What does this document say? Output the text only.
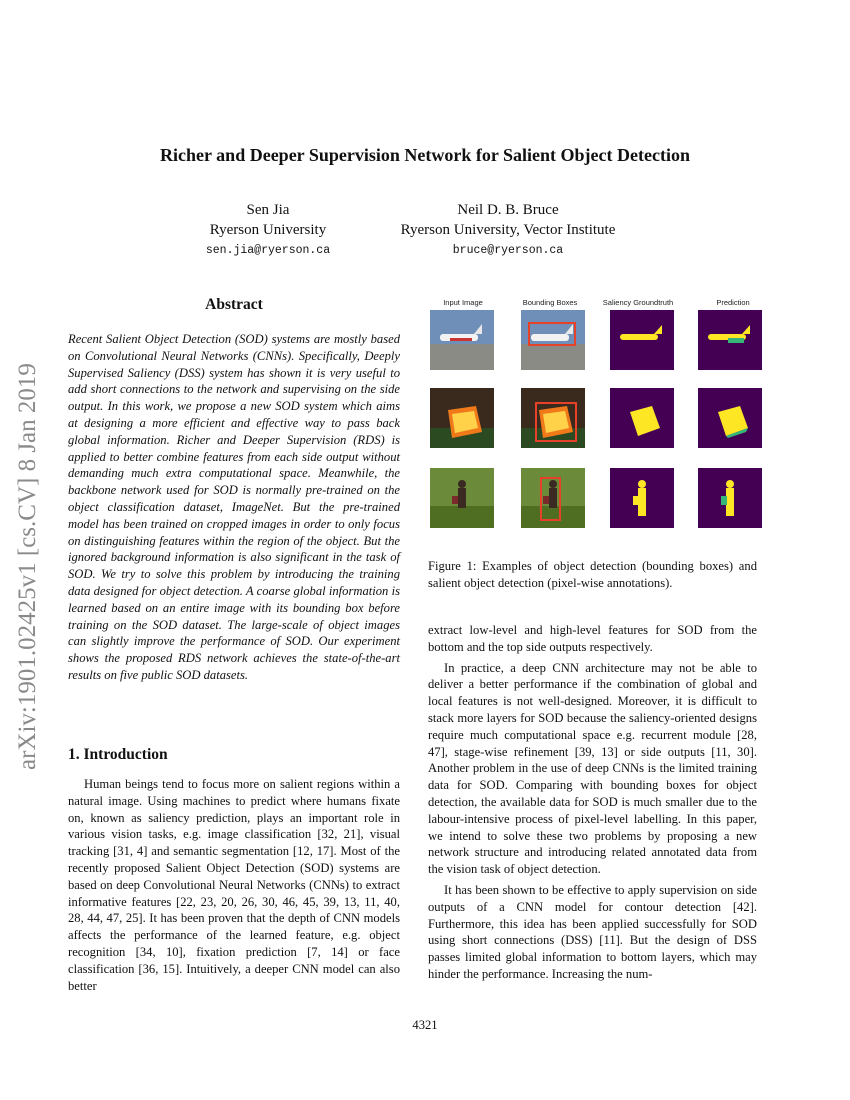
Richer and Deeper Supervision Network for Salient Object Detection
Sen Jia
Ryerson University
sen.jia@ryerson.ca
Neil D. B. Bruce
Ryerson University, Vector Institute
bruce@ryerson.ca
arXiv:1901.02425v1 [cs.CV] 8 Jan 2019
Abstract
Recent Salient Object Detection (SOD) systems are mostly based on Convolutional Neural Networks (CNNs). Specifically, Deeply Supervised Saliency (DSS) system has shown it is very useful to add short connections to the network and supervising on the side output. In this work, we propose a new SOD system which aims at designing a more efficient and effective way to pass back global information. Richer and Deeper Supervision (RDS) is applied to better combine features from each side output without demanding much extra computational space. Meanwhile, the backbone network used for SOD is normally pre-trained on the object classification dataset, ImageNet. But the pre-trained model has been trained on cropped images in order to only focus on distinguishing features within the region of the object. But the ignored background information is also significant in the task of SOD. We try to solve this problem by introducing the training data designed for object detection. A coarse global information is learned based on an entire image with its bounding box before training on the SOD dataset. The large-scale of object images can slightly improve the performance of SOD. Our experiment shows the proposed RDS network achieves the state-of-the-art results on five public SOD datasets.
1. Introduction

Human beings tend to focus more on salient regions within a natural image. Using machines to predict where humans fixate on, known as saliency prediction, plays an important role in various vision tasks, e.g. image classification [32, 21], visual tracking [31, 4] and semantic segmentation [12, 17]. Most of the recently proposed Salient Object Detection (SOD) systems are based on deep Convolutional Neural Networks (CNNs) to extract informative features [22, 23, 20, 26, 30, 46, 45, 39, 13, 11, 40, 28, 44, 47, 25]. It has been proven that the depth of CNN models affects the performance of the learned feature, e.g. object recognition [34, 10], fixation prediction [7, 14] or face classification [36, 15]. Intuitively, a deeper CNN model can also better

Input Image	Bounding Boxes	Saliency Groundtruth	Prediction
Figure 1: Examples of object detection (bounding boxes) and salient object detection (pixel-wise annotations).

extract low-level and high-level features for SOD from the bottom and the top side outputs respectively.

In practice, a deep CNN architecture may not be able to deliver a better performance if the combination of global and local features is not well-designed. Moreover, it is difficult to stack more layers for SOD because the saliency-oriented designs require much computational space e.g. recurrent module [28, 47], stage-wise refinement [39, 13] or side outputs [11, 30]. Another problem in the use of deep CNNs is the limited training data for SOD. Comparing with bounding boxes for object detection, the available data for SOD is much smaller due to the labour-intensive process of pixel-level labelling. In this paper, we intend to solve these two problems by proposing a new network structure and introducing related annotated data from the vision task of object detection.

It has been shown to be effective to apply supervision on side outputs of a CNN model for contour detection [42]. Furthermore, this idea has been applied successfully for SOD using short connections (DSS) [11]. But the design of DSS passes limited global information to bottom layers, which may hinder the performance. Increasing the num-

4321
